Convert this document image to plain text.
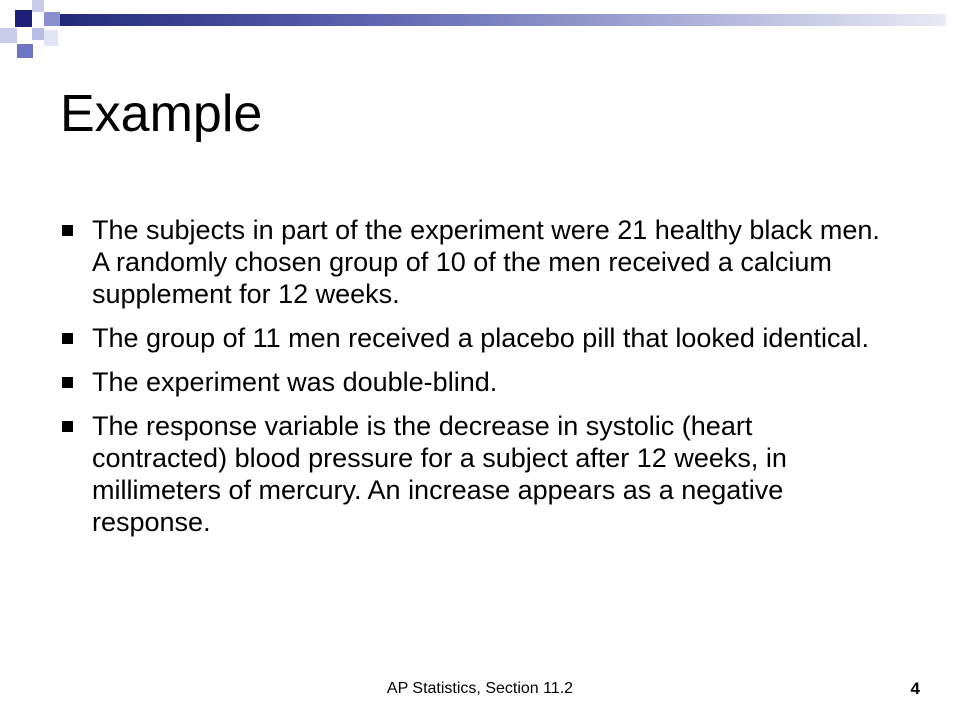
Example
The subjects in part of the experiment were 21 healthy black men. A randomly chosen group of 10 of the men received a calcium supplement for 12 weeks.
The group of 11 men received a placebo pill that looked identical.
The experiment was double-blind.
The response variable is the decrease in systolic (heart contracted) blood pressure for a subject after 12 weeks, in millimeters of mercury. An increase appears as a negative response.
AP Statistics, Section 11.2	4
